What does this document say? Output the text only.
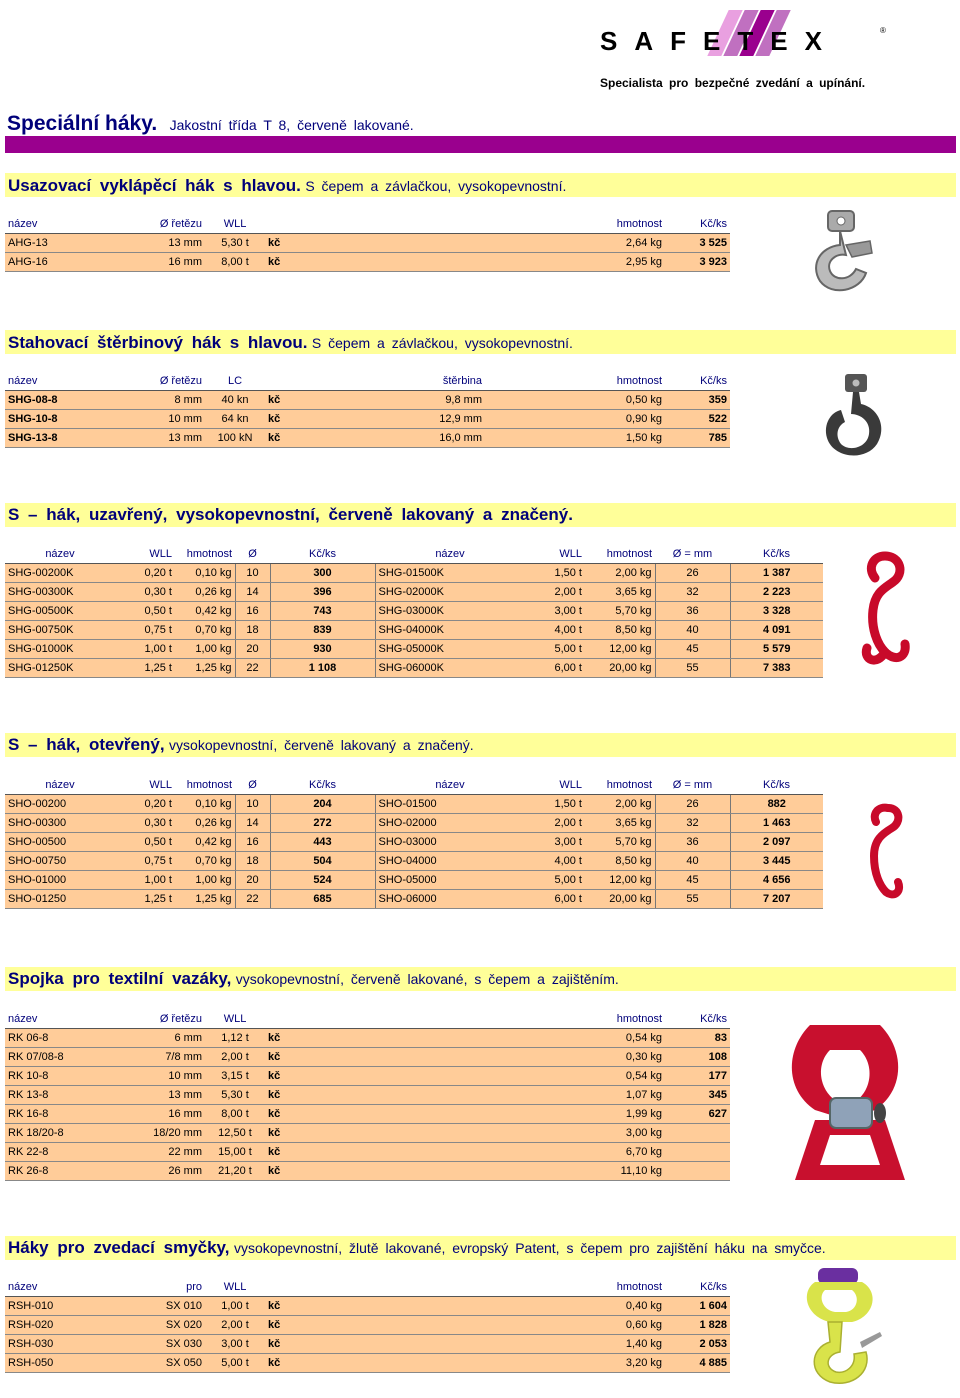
SAFETEX	®
Specialista pro bezpečné zvedání a upínání.
Speciální háky. Jakostní třída T 8, červeně lakované.
Usazovací vyklápěcí hák s hlavou. S čepem a závlačkou, vysokopevnostní.
název	Ø řetězu	WLL		hmotnost	Kč/ks
AHG-13	13 mm	5,30 t	kč	2,64 kg	3 525
AHG-16	16 mm	8,00 t	kč	2,95 kg	3 923
Stahovací štěrbinový hák s hlavou. S čepem a závlačkou, vysokopevnostní.
název	Ø řetězu	LC		štěrbina	hmotnost	Kč/ks
SHG-08-8	8 mm	40 kn	kč	9,8 mm	0,50 kg	359
SHG-10-8	10 mm	64 kn	kč	12,9 mm	0,90 kg	522
SHG-13-8	13 mm	100 kN	kč	16,0 mm	1,50 kg	785
S – hák, uzavřený, vysokopevnostní, červeně lakovaný a značený.
název	WLL	hmotnost	Ø	Kč/ks	název	WLL	hmotnost	Ø = mm	Kč/ks
SHG-00200K	0,20 t	0,10 kg	10	300	SHG-01500K	1,50 t	2,00 kg	26	1 387
SHG-00300K	0,30 t	0,26 kg	14	396	SHG-02000K	2,00 t	3,65 kg	32	2 223
SHG-00500K	0,50 t	0,42 kg	16	743	SHG-03000K	3,00 t	5,70 kg	36	3 328
SHG-00750K	0,75 t	0,70 kg	18	839	SHG-04000K	4,00 t	8,50 kg	40	4 091
SHG-01000K	1,00 t	1,00 kg	20	930	SHG-05000K	5,00 t	12,00 kg	45	5 579
SHG-01250K	1,25 t	1,25 kg	22	1 108	SHG-06000K	6,00 t	20,00 kg	55	7 383
S – hák, otevřený, vysokopevnostní, červeně lakovaný a značený.
název	WLL	hmotnost	Ø	Kč/ks	název	WLL	hmotnost	Ø = mm	Kč/ks
SHO-00200	0,20 t	0,10 kg	10	204	SHO-01500	1,50 t	2,00 kg	26	882
SHO-00300	0,30 t	0,26 kg	14	272	SHO-02000	2,00 t	3,65 kg	32	1 463
SHO-00500	0,50 t	0,42 kg	16	443	SHO-03000	3,00 t	5,70 kg	36	2 097
SHO-00750	0,75 t	0,70 kg	18	504	SHO-04000	4,00 t	8,50 kg	40	3 445
SHO-01000	1,00 t	1,00 kg	20	524	SHO-05000	5,00 t	12,00 kg	45	4 656
SHO-01250	1,25 t	1,25 kg	22	685	SHO-06000	6,00 t	20,00 kg	55	7 207
Spojka pro textilní vazáky, vysokopevnostní, červeně lakované, s čepem a zajištěním.
název	Ø řetězu	WLL		hmotnost	Kč/ks
RK 06-8	6 mm	1,12 t	kč	0,54 kg	83
RK 07/08-8	7/8 mm	2,00 t	kč	0,30 kg	108
RK 10-8	10 mm	3,15 t	kč	0,54 kg	177
RK 13-8	13 mm	5,30 t	kč	1,07 kg	345
RK 16-8	16 mm	8,00 t	kč	1,99 kg	627
RK 18/20-8	18/20 mm	12,50 t	kč	3,00 kg	
RK 22-8	22 mm	15,00 t	kč	6,70 kg	
RK 26-8	26 mm	21,20 t	kč	11,10 kg	
Háky pro zvedací smyčky, vysokopevnostní, žlutě lakované, evropský Patent, s čepem pro zajištění háku na smyčce.
název	pro	WLL		hmotnost	Kč/ks
RSH-010	SX 010	1,00 t	kč	0,40 kg	1 604
RSH-020	SX 020	2,00 t	kč	0,60 kg	1 828
RSH-030	SX 030	3,00 t	kč	1,40 kg	2 053
RSH-050	SX 050	5,00 t	kč	3,20 kg	4 885
